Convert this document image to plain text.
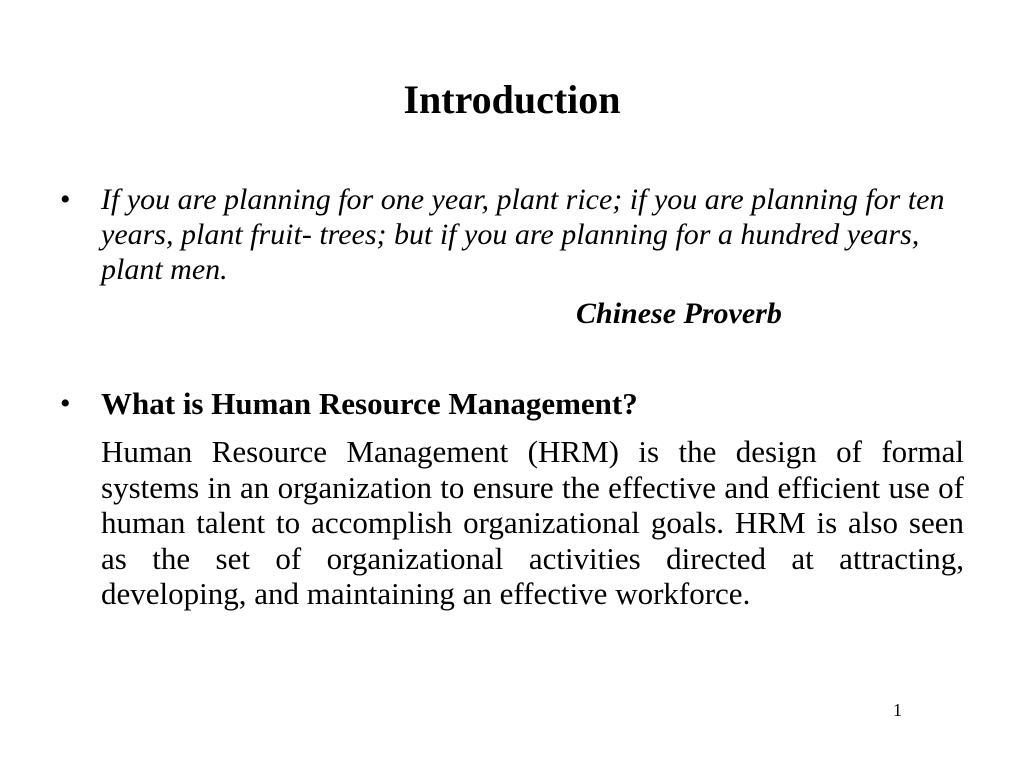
Introduction
• If you are planning for one year, plant rice; if you are planning for ten years, plant fruit- trees; but if you are planning for a hundred years, plant men.

Chinese Proverb

• What is Human Resource Management?

Human Resource Management (HRM) is the design of formal systems in an organization to ensure the effective and efficient use of human talent to accomplish organizational goals. HRM is also seen as the set of organizational activities directed at attracting, developing, and maintaining an effective workforce.

1
